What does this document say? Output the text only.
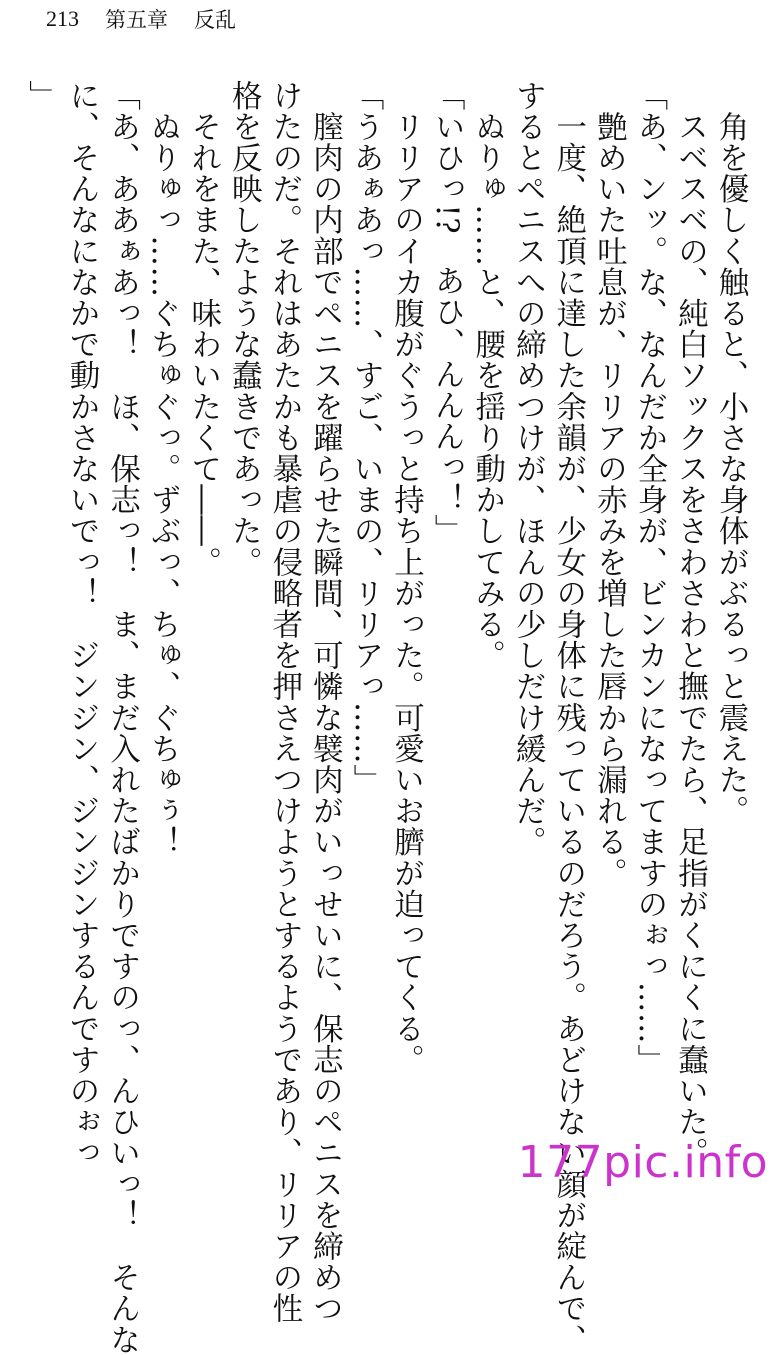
213 第五章 反乱
　角を優しく触ると、小さな身体がぶるっと震えた。
　スベスベの、純白ソックスをさわさわと撫でたら、足指がくにくに蠢いた。
「あ、ンッ。な、なんだか全身が、ビンカンになってますのぉっ……」
　艶めいた吐息が、リリアの赤みを増した唇から漏れる。
　一度、絶頂に達した余韻が、少女の身体に残っているのだろう。あどけない顔が綻んで、
するとペニスへの締めつけが、ほんの少しだけ緩んだ。
　ぬりゅ……と、腰を揺り動かしてみる。
「いひっ!?　あひ、んんんっ！」
　リリアのイカ腹がぐうっと持ち上がった。可愛いお臍が迫ってくる。
「うあぁあっ……、すご、いまの、リリアっ……」
　膣肉の内部でペニスを躍らせた瞬間、可憐な襞肉がいっせいに、保志のペニスを締めつ
けたのだ。それはあたかも暴虐の侵略者を押さえつけようとするようであり、リリアの性
格を反映したような蠢きであった。
　それをまた、味わいたくて――。
　ぬりゅっ……ぐちゅぐっ。ずぶっ、ちゅ、ぐちゅぅ！
「あ、ああぁあっ！　ほ、保志っ！　ま、まだ入れたばかりですのっ、んひいっ！　そんな
に、そんなになかで動かさないでっ！　ジンジン、ジンジンするんですのぉっ
」
177pic.info
